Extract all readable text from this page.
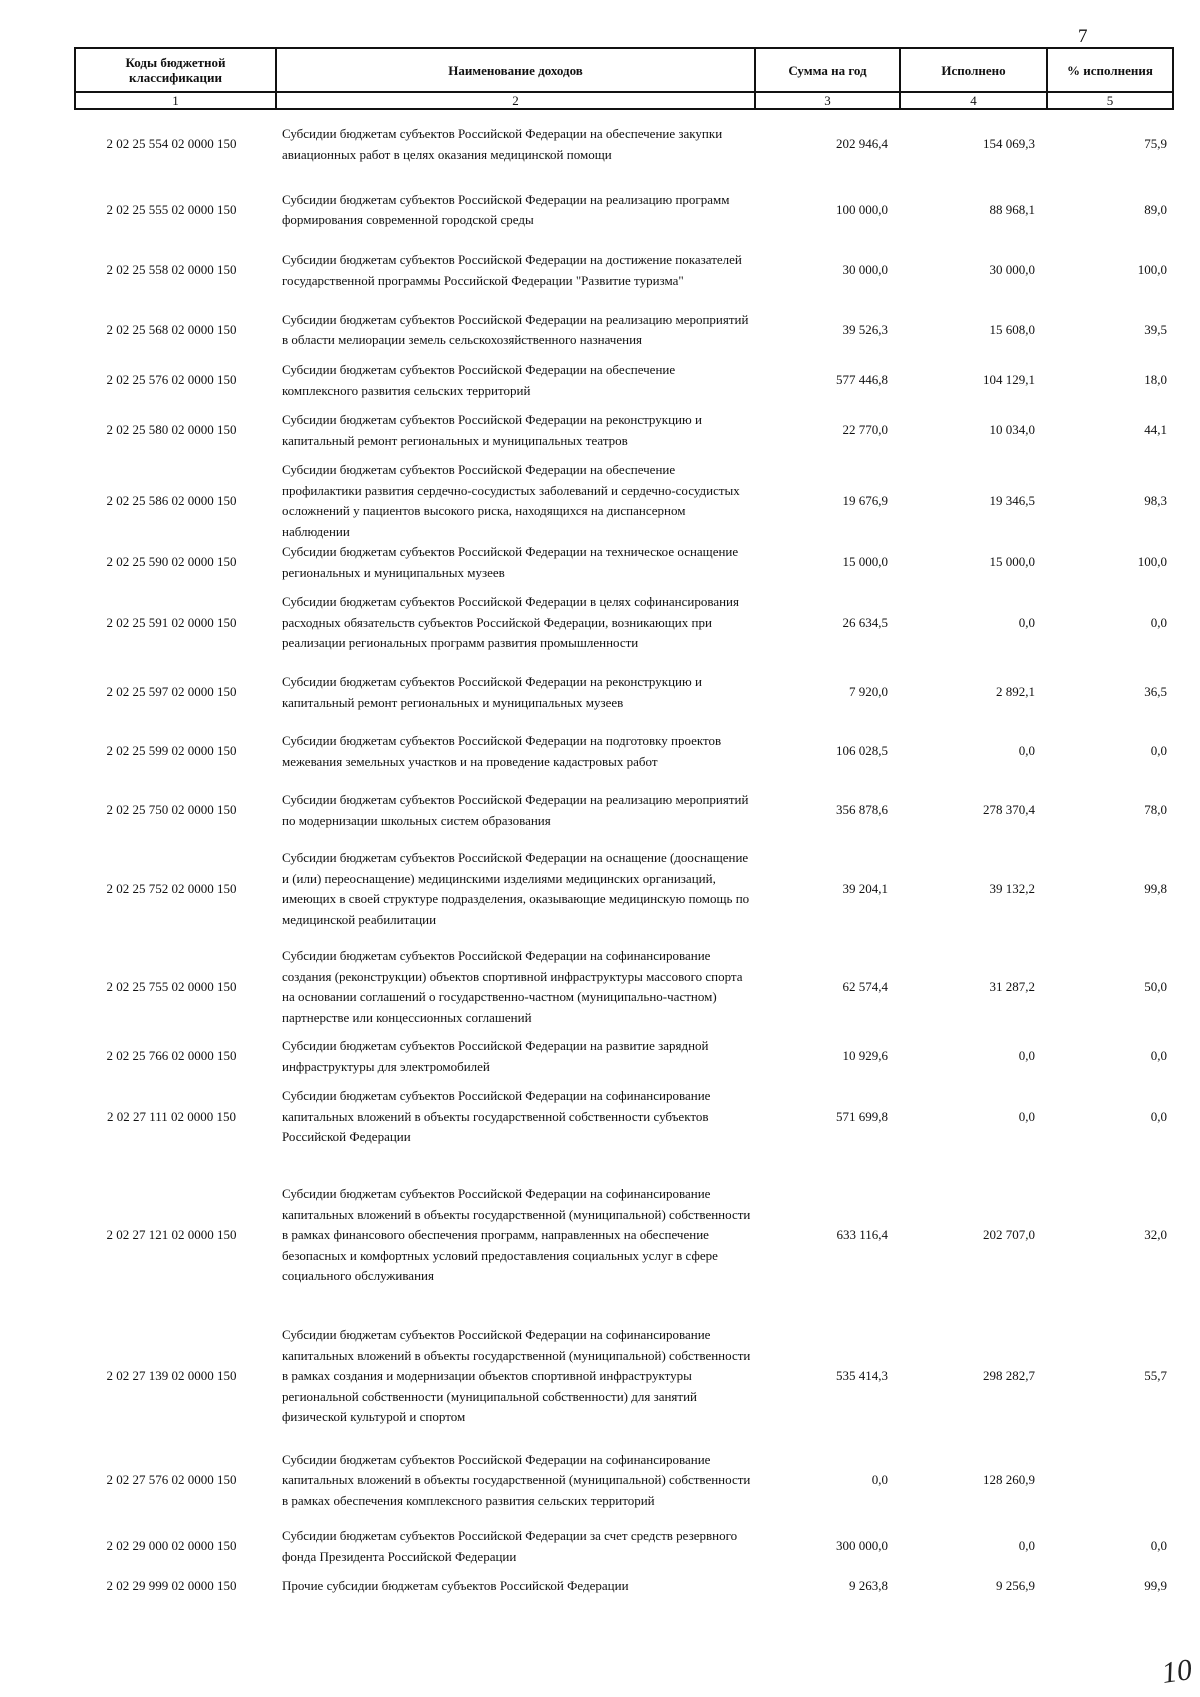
7
Коды бюджетной классификации	Наименование доходов	Сумма на год	Исполнено	% исполнения
1	2	3	4	5
2 02 25 554 02 0000 150	Субсидии бюджетам субъектов Российской Федерации на обеспечение закупки авиационных работ в целях оказания медицинской помощи	202 946,4	154 069,3	75,9
2 02 25 555 02 0000 150	Субсидии бюджетам субъектов Российской Федерации на реализацию программ формирования современной городской среды	100 000,0	88 968,1	89,0
2 02 25 558 02 0000 150	Субсидии бюджетам субъектов Российской Федерации на достижение показателей государственной программы Российской Федерации "Развитие туризма"	30 000,0	30 000,0	100,0
2 02 25 568 02 0000 150	Субсидии бюджетам субъектов Российской Федерации на реализацию мероприятий в области мелиорации земель сельскохозяйственного назначения	39 526,3	15 608,0	39,5
2 02 25 576 02 0000 150	Субсидии бюджетам субъектов Российской Федерации на обеспечение комплексного развития сельских территорий	577 446,8	104 129,1	18,0
2 02 25 580 02 0000 150	Субсидии бюджетам субъектов Российской Федерации на реконструкцию и капитальный ремонт региональных и муниципальных театров	22 770,0	10 034,0	44,1
2 02 25 586 02 0000 150	Субсидии бюджетам субъектов Российской Федерации на обеспечение профилактики развития сердечно-сосудистых заболеваний и сердечно-сосудистых осложнений у пациентов высокого риска, находящихся на диспансерном наблюдении	19 676,9	19 346,5	98,3
2 02 25 590 02 0000 150	Субсидии бюджетам субъектов Российской Федерации на техническое оснащение региональных и муниципальных музеев	15 000,0	15 000,0	100,0
2 02 25 591 02 0000 150	Субсидии бюджетам субъектов Российской Федерации в целях софинансирования расходных обязательств субъектов Российской Федерации, возникающих при реализации региональных программ развития промышленности	26 634,5	0,0	0,0
2 02 25 597 02 0000 150	Субсидии бюджетам субъектов Российской Федерации на реконструкцию и капитальный ремонт региональных и муниципальных музеев	7 920,0	2 892,1	36,5
2 02 25 599 02 0000 150	Субсидии бюджетам субъектов Российской Федерации на подготовку проектов межевания земельных участков и на проведение кадастровых работ	106 028,5	0,0	0,0
2 02 25 750 02 0000 150	Субсидии бюджетам субъектов Российской Федерации на реализацию мероприятий по модернизации школьных систем образования	356 878,6	278 370,4	78,0
2 02 25 752 02 0000 150	Субсидии бюджетам субъектов Российской Федерации на оснащение (дооснащение и (или) переоснащение) медицинскими изделиями медицинских организаций, имеющих в своей структуре подразделения, оказывающие медицинскую помощь по медицинской реабилитации	39 204,1	39 132,2	99,8
2 02 25 755 02 0000 150	Субсидии бюджетам субъектов Российской Федерации на софинансирование создания (реконструкции) объектов спортивной инфраструктуры массового спорта на основании соглашений о государственно-частном (муниципально-частном) партнерстве или концессионных соглашений	62 574,4	31 287,2	50,0
2 02 25 766 02 0000 150	Субсидии бюджетам субъектов Российской Федерации на развитие зарядной инфраструктуры для электромобилей	10 929,6	0,0	0,0
2 02 27 111 02 0000 150	Субсидии бюджетам субъектов Российской Федерации на софинансирование капитальных вложений в объекты государственной собственности субъектов Российской Федерации	571 699,8	0,0	0,0
2 02 27 121 02 0000 150	Субсидии бюджетам субъектов Российской Федерации на софинансирование капитальных вложений в объекты государственной (муниципальной) собственности в рамках финансового обеспечения программ, направленных на обеспечение безопасных и комфортных условий предоставления социальных услуг в сфере социального обслуживания	633 116,4	202 707,0	32,0
2 02 27 139 02 0000 150	Субсидии бюджетам субъектов Российской Федерации на софинансирование капитальных вложений в объекты государственной (муниципальной) собственности в рамках создания и модернизации объектов спортивной инфраструктуры региональной собственности (муниципальной собственности) для занятий физической культурой и спортом	535 414,3	298 282,7	55,7
2 02 27 576 02 0000 150	Субсидии бюджетам субъектов Российской Федерации на софинансирование капитальных вложений в объекты государственной (муниципальной) собственности в рамках обеспечения комплексного развития сельских территорий	0,0	128 260,9	
2 02 29 000 02 0000 150	Субсидии бюджетам субъектов Российской Федерации за счет средств резервного фонда Президента Российской Федерации	300 000,0	0,0	0,0
2 02 29 999 02 0000 150	Прочие субсидии бюджетам субъектов Российской Федерации	9 263,8	9 256,9	99,9
10
